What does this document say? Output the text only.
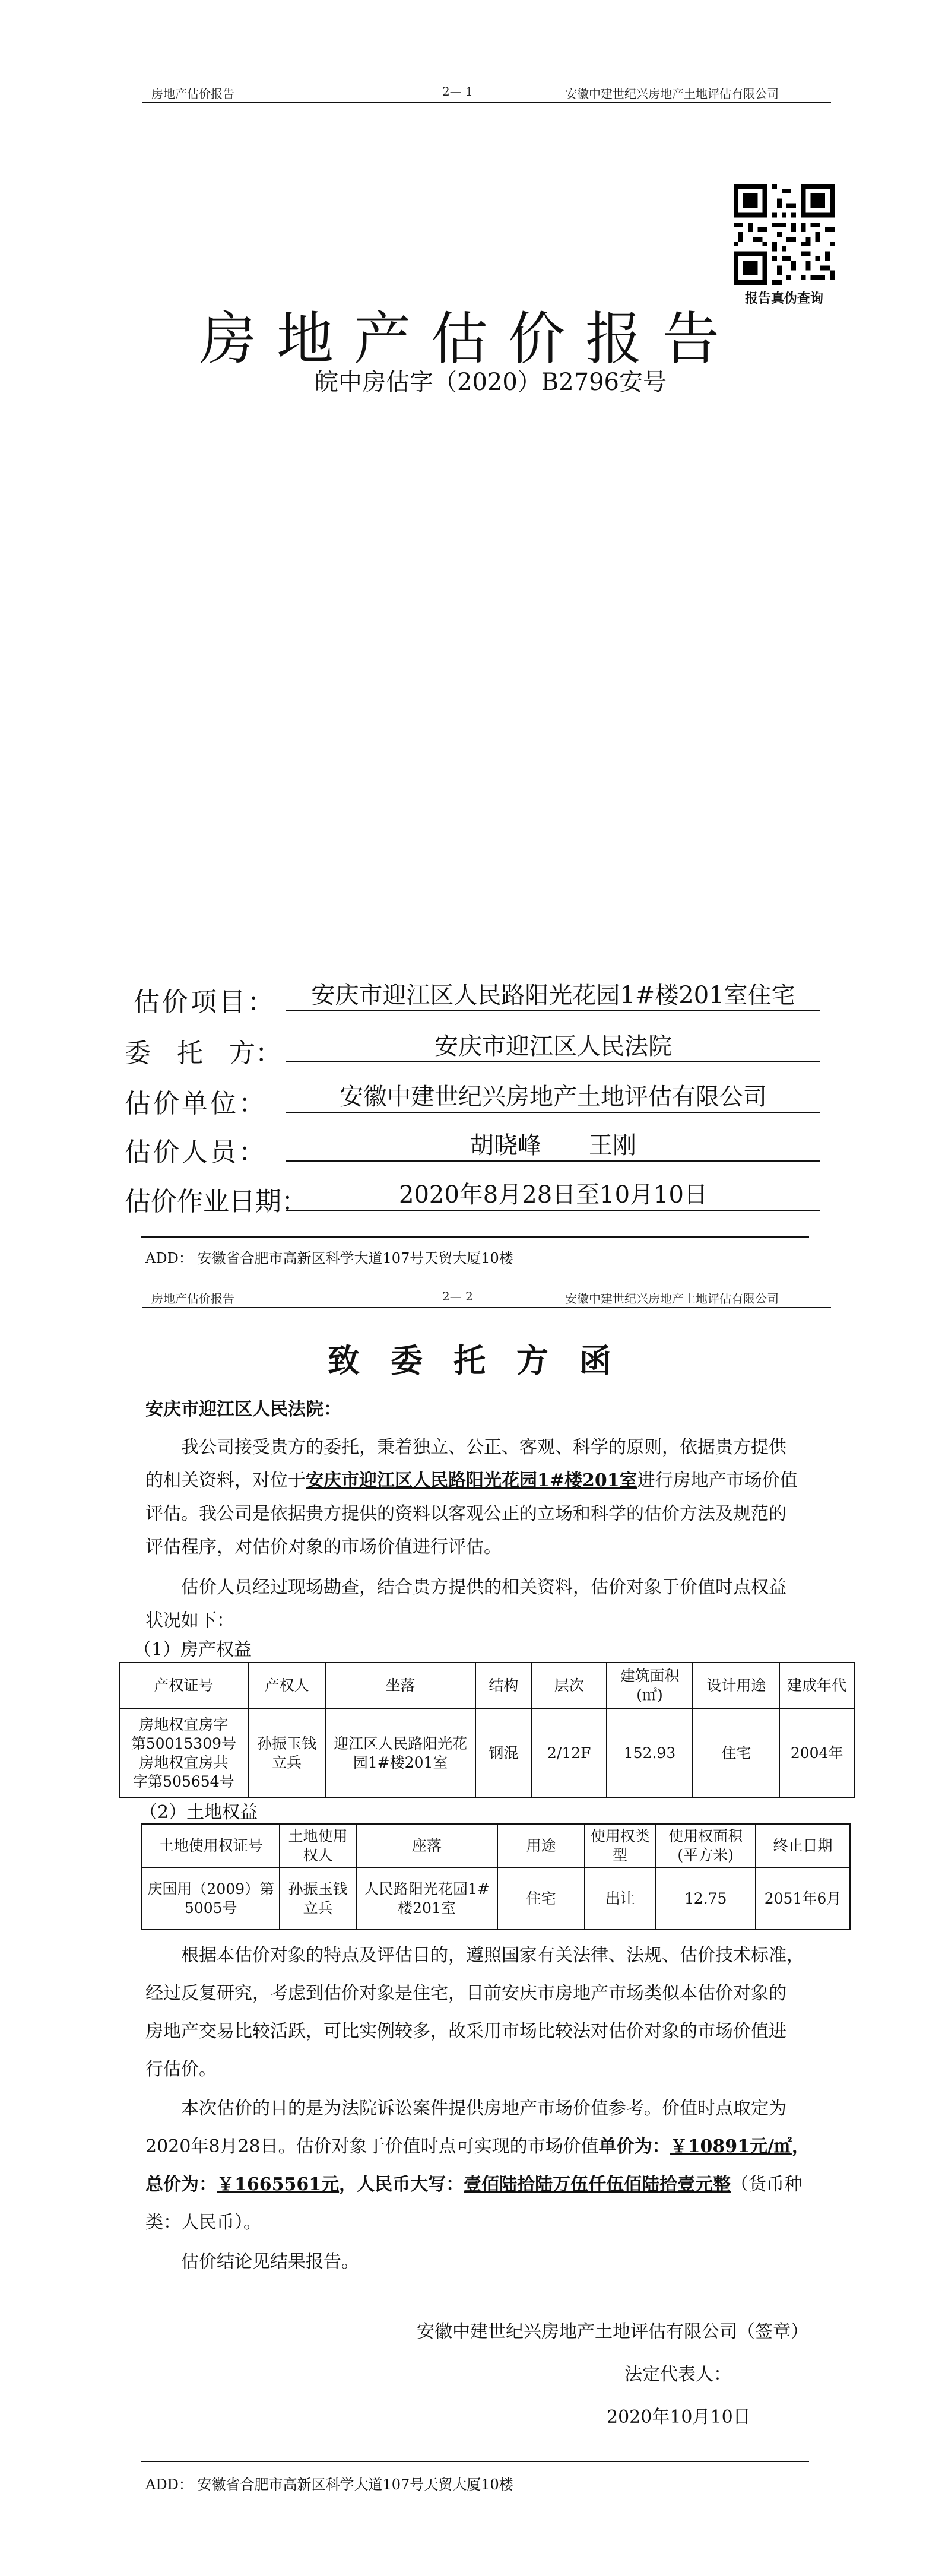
房地产估价报告	2— 1	安徽中建世纪兴房地产土地评估有限公司
报告真伪查询
房地产估价报告
皖中房估字（2020）B2796安号
估价项目：	安庆市迎江区人民路阳光花园1#楼201室住宅
委　托　方：	安庆市迎江区人民法院
估价单位：	安徽中建世纪兴房地产土地评估有限公司
估价人员：	胡晓峰　　王刚
估价作业日期：	2020年8月28日至10月10日
ADD： 安徽省合肥市高新区科学大道107号天贸大厦10楼
房地产估价报告	2— 2	安徽中建世纪兴房地产土地评估有限公司
致委托方函
安庆市迎江区人民法院：
我公司接受贵方的委托，秉着独立、公正、客观、科学的原则，依据贵方提供
的相关资料，对位于安庆市迎江区人民路阳光花园1#楼201室进行房地产市场价值
评估。我公司是依据贵方提供的资料以客观公正的立场和科学的估价方法及规范的
评估程序，对估价对象的市场价值进行评估。
估价人员经过现场勘查，结合贵方提供的相关资料，估价对象于价值时点权益
状况如下：
（1）房产权益
产权证号	产权人	坐落	结构	层次	建筑面积(㎡)	设计用途	建成年代

房地权宜房字
第50015309号
房地权宜房共
字第505654号	孙振玉钱立兵	迎江区人民路阳光花园1#楼201室	钢混	2/12F	152.93	住宅	2004年
（2）土地权益
土地使用权证号	土地使用权人	座落	用途	使用权类型	使用权面积(平方米)	终止日期
庆国用（2009）第5005号	孙振玉钱立兵	人民路阳光花园1#楼201室	住宅	出让	12.75	2051年6月
根据本估价对象的特点及评估目的，遵照国家有关法律、法规、估价技术标准，
经过反复研究，考虑到估价对象是住宅，目前安庆市房地产市场类似本估价对象的
房地产交易比较活跃，可比实例较多，故采用市场比较法对估价对象的市场价值进
行估价。
本次估价的目的是为法院诉讼案件提供房地产市场价值参考。价值时点取定为
2020年8月28日。估价对象于价值时点可实现的市场价值单价为：￥10891元/㎡，
总价为：￥1665561元，人民币大写：壹佰陆拾陆万伍仟伍佰陆拾壹元整（货币种
类：人民币）。
估价结论见结果报告。
安徽中建世纪兴房地产土地评估有限公司（签章）
法定代表人：
2020年10月10日
ADD： 安徽省合肥市高新区科学大道107号天贸大厦10楼
